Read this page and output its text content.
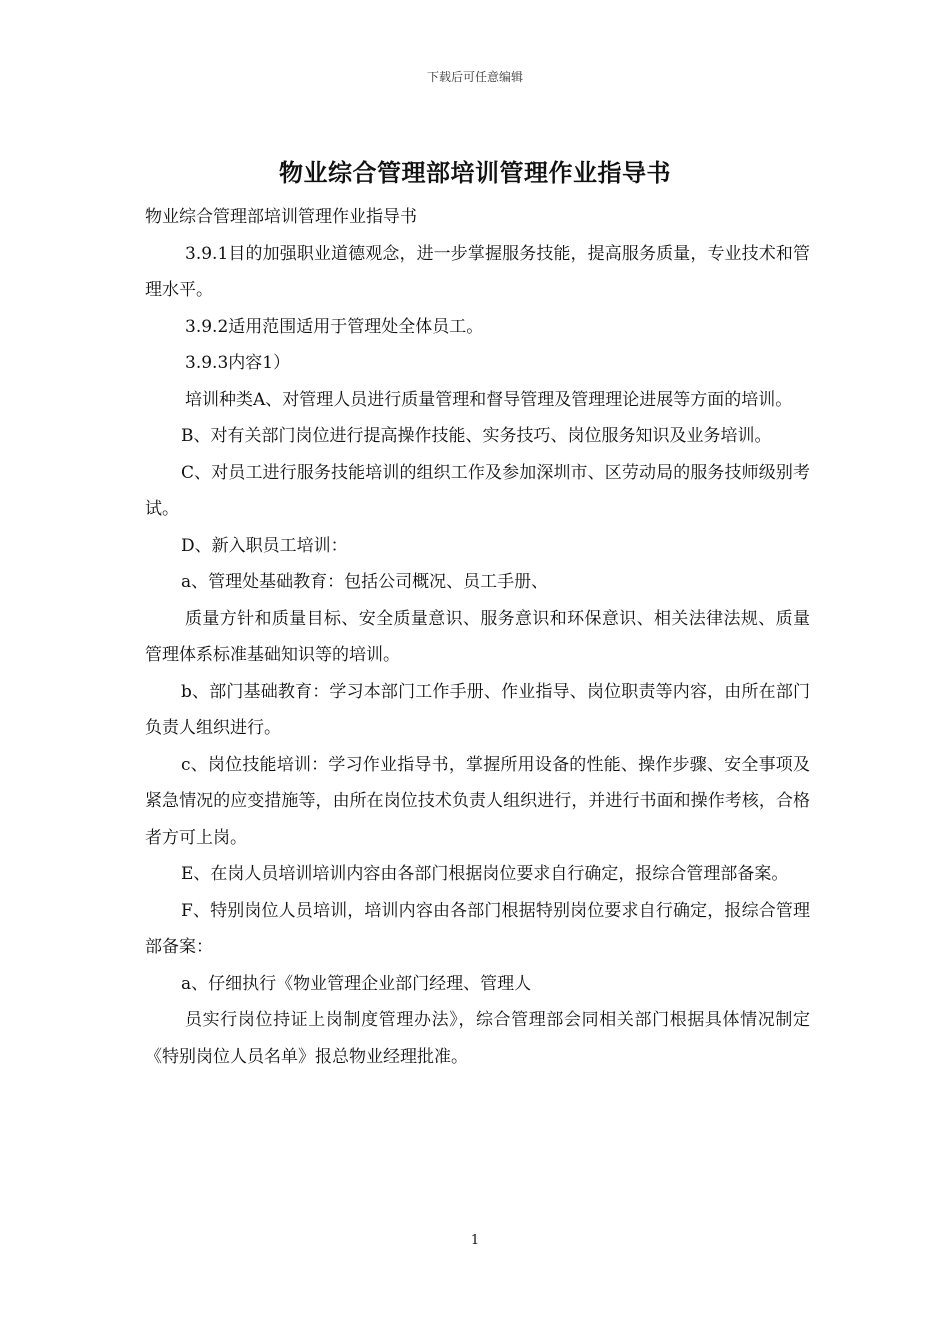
下载后可任意编辑
物业综合管理部培训管理作业指导书

物业综合管理部培训管理作业指导书

3.9.1目的加强职业道德观念，进一步掌握服务技能，提高服务质量，专业技术和管理水平。

3.9.2适用范围适用于管理处全体员工。

3.9.3内容1）

培训种类A、对管理人员进行质量管理和督导管理及管理理论进展等方面的培训。

B、对有关部门岗位进行提高操作技能、实务技巧、岗位服务知识及业务培训。

C、对员工进行服务技能培训的组织工作及参加深圳市、区劳动局的服务技师级别考试。

D、新入职员工培训：

a、管理处基础教育：包括公司概况、员工手册、

质量方针和质量目标、安全质量意识、服务意识和环保意识、相关法律法规、质量管理体系标准基础知识等的培训。

b、部门基础教育：学习本部门工作手册、作业指导、岗位职责等内容，由所在部门负责人组织进行。

c、岗位技能培训：学习作业指导书，掌握所用设备的性能、操作步骤、安全事项及紧急情况的应变措施等，由所在岗位技术负责人组织进行，并进行书面和操作考核，合格者方可上岗。

E、在岗人员培训培训内容由各部门根据岗位要求自行确定，报综合管理部备案。

F、特别岗位人员培训，培训内容由各部门根据特别岗位要求自行确定，报综合管理部备案：

a、仔细执行《物业管理企业部门经理、管理人

员实行岗位持证上岗制度管理办法》，综合管理部会同相关部门根据具体情况制定《特别岗位人员名单》报总物业经理批准。

1
